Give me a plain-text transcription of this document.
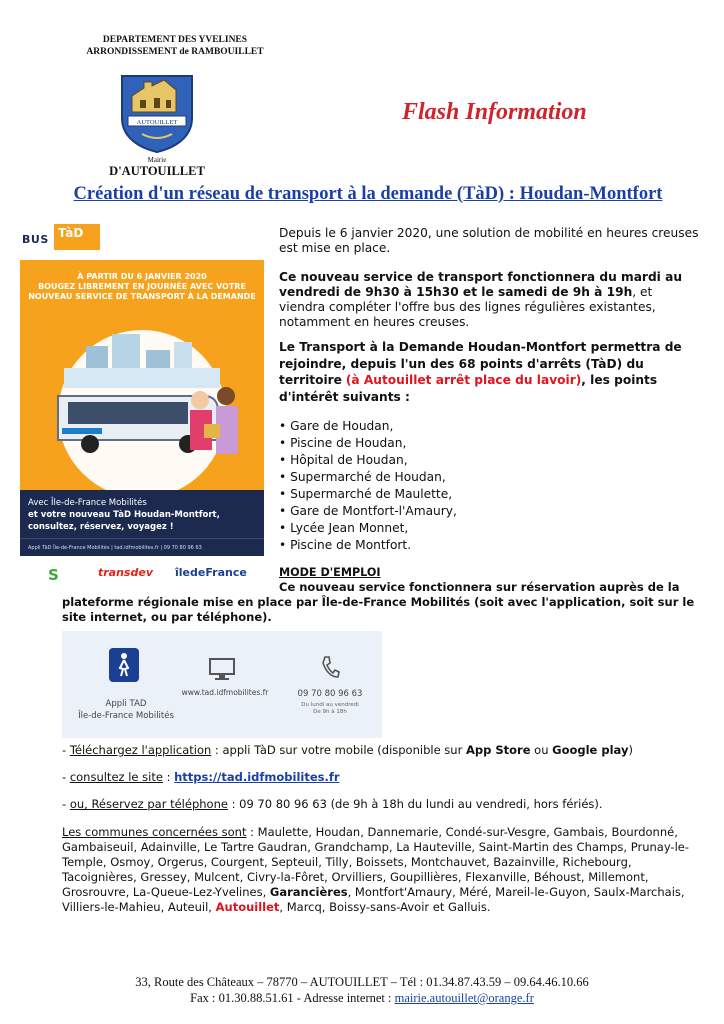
DEPARTEMENT DES YVELINES
ARRONDISSEMENT de RAMBOUILLET
AUTOUILLET
Mairie
D'AUTOUILLET
Flash Information
Création d'un réseau de transport à la demande (TàD) : Houdan-Montfort
BUS TàD
À PARTIR DU 6 JANVIER 2020
BOUGEZ LIBREMENT EN JOURNÉE AVEC VOTRE
NOUVEAU SERVICE DE TRANSPORT À LA DEMANDE
Avec Île-de-France Mobilités
et votre nouveau TàD Houdan-Montfort,
consultez, réservez, voyagez !
Appli TàD Île-de-France Mobilités | tad.idfmobilites.fr | 09 70 80 96 63
S	transdev îledeFrance
Depuis le 6 janvier 2020, une solution de mobilité en heures creuses est mise en place.
Ce nouveau service de transport fonctionnera du mardi au vendredi de 9h30 à 15h30 et le samedi de 9h à 19h, et viendra compléter l'offre bus des lignes régulières existantes, notamment en heures creuses.
Le Transport à la Demande Houdan-Montfort permettra de rejoindre, depuis l'un des 68 points d'arrêts (TàD) du territoire (à Autouillet arrêt place du lavoir), les points d'intérêt suivants :
• Gare de Houdan,
• Piscine de Houdan,
• Hôpital de Houdan,
• Supermarché de Houdan,
• Supermarché de Maulette,
• Gare de Montfort-l'Amaury,
• Lycée Jean Monnet,
• Piscine de Montfort.
MODE D'EMPLOI
Ce nouveau service fonctionnera sur réservation auprès de la plateforme régionale mise en place par Île-de-France Mobilités (soit avec l'application, soit sur le site internet, ou par téléphone).
Appli TAD
Île-de-France Mobilités
www.tad.idfmobilites.fr	09 70 80 96 63
Du lundi au vendredi
De 9h à 18h
- Téléchargez l'application : appli TàD sur votre mobile (disponible sur App Store ou Google play)
- consultez le site : https://tad.idfmobilites.fr
- ou, Réservez par téléphone : 09 70 80 96 63 (de 9h à 18h du lundi au vendredi, hors fériés).
Les communes concernées sont : Maulette, Houdan, Dannemarie, Condé-sur-Vesgre, Gambais, Bourdonné, Gambaiseuil, Adainville, Le Tartre Gaudran, Grandchamp, La Hauteville, Saint-Martin des Champs, Prunay-le-Temple, Osmoy, Orgerus, Courgent, Septeuil, Tilly, Boissets, Montchauvet, Bazainville, Richebourg, Tacoignières, Gressey, Mulcent, Civry-la-Fôret, Orvilliers, Goupillières, Flexanville, Béhoust, Millemont, Grosrouvre, La-Queue-Lez-Yvelines, Garancières, Montfort'Amaury, Méré, Mareil-le-Guyon, Saulx-Marchais, Villiers-le-Mahieu, Auteuil, Autouillet, Marcq, Boissy-sans-Avoir et Galluis.
33, Route des Châteaux – 78770 – AUTOUILLET – Tél : 01.34.87.43.59 – 09.64.46.10.66
Fax : 01.30.88.51.61 - Adresse internet : mairie.autouillet@orange.fr
